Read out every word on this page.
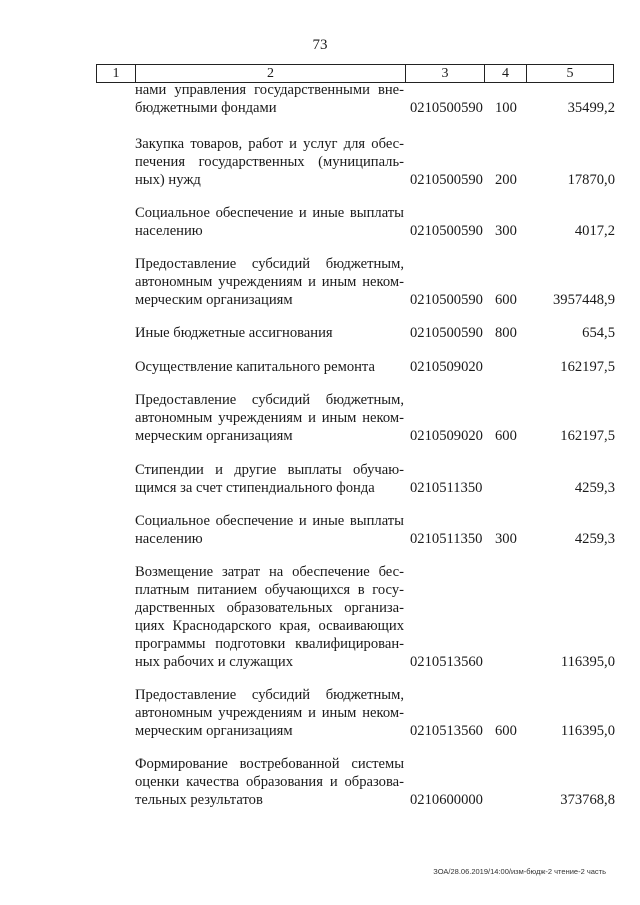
73
1	2	3	4	5
нами управления государственными вне-
бюджетными фондами	0210500590 100	35499,2
Закупка товаров, работ и услуг для обес-
печения государственных (муниципаль-
ных) нужд	0210500590 200	17870,0
Социальное обеспечение и иные выплаты
населению	0210500590 300	4017,2
Предоставление субсидий бюджетным,
автономным учреждениям и иным неком-
мерческим организациям	0210500590 600 3957448,9
Иные бюджетные ассигнования	0210500590 800	654,5
Осуществление капитального ремонта	0210509020	162197,5
Предоставление субсидий бюджетным,
автономным учреждениям и иным неком-
мерческим организациям	0210509020 600	162197,5
Стипендии и другие выплаты обучаю-
щимся за счет стипендиального фонда	0210511350	4259,3
Социальное обеспечение и иные выплаты
населению	0210511350 300	4259,3
Возмещение затрат на обеспечение бес-
платным питанием обучающихся в госу-
дарственных образовательных организа-
циях Краснодарского края, осваивающих
программы подготовки квалифицирован-
ных рабочих и служащих	0210513560	116395,0
Предоставление субсидий бюджетным,
автономным учреждениям и иным неком-
мерческим организациям	0210513560 600	116395,0
Формирование востребованной системы
оценки качества образования и образова-
тельных результатов	0210600000	373768,8
ЗОА/28.06.2019/14:00/изм-бюдж-2 чтение-2 часть
